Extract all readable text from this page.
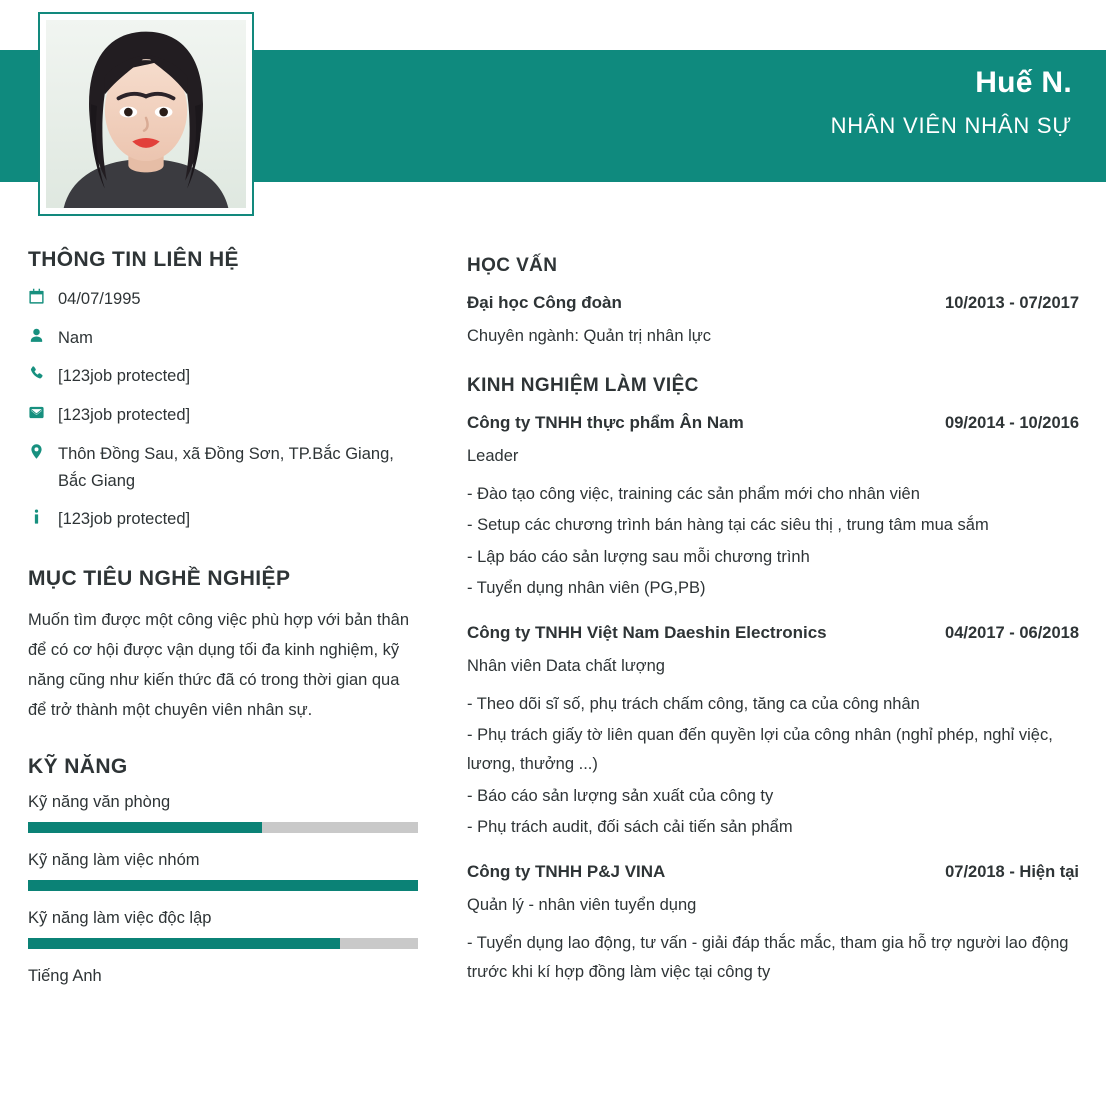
Huế N.
NHÂN VIÊN NHÂN SỰ
THÔNG TIN LIÊN HỆ
04/07/1995
Nam
[123job protected]
[123job protected]
Thôn Đồng Sau, xã Đồng Sơn, TP.Bắc Giang, Bắc Giang
[123job protected]
MỤC TIÊU NGHỀ NGHIỆP
Muốn tìm được một công việc phù hợp với bản thân để có cơ hội được vận dụng tối đa kinh nghiệm, kỹ năng cũng như kiến thức đã có trong thời gian qua để trở thành một chuyên viên nhân sự.
KỸ NĂNG
Kỹ năng văn phòng
Kỹ năng làm việc nhóm
Kỹ năng làm việc độc lập
Tiếng Anh
HỌC VẤN
Đại học Công đoàn	10/2013 - 07/2017
Chuyên ngành: Quản trị nhân lực
KINH NGHIỆM LÀM VIỆC
Công ty TNHH thực phẩm Ân Nam	09/2014 - 10/2016
Leader
- Đào tạo công việc, training các sản phẩm mới cho nhân viên
- Setup các chương trình bán hàng tại các siêu thị , trung tâm mua sắm
- Lập báo cáo sản lượng sau mỗi chương trình
- Tuyển dụng nhân viên (PG,PB)
Công ty TNHH Việt Nam Daeshin Electronics	04/2017 - 06/2018
Nhân viên Data chất lượng
- Theo dõi sĩ số, phụ trách chấm công, tăng ca của công nhân
- Phụ trách giấy tờ liên quan đến quyền lợi của công nhân (nghỉ phép, nghỉ việc, lương, thưởng ...)
- Báo cáo sản lượng sản xuất của công ty
- Phụ trách audit, đối sách cải tiến sản phẩm
Công ty TNHH P&J VINA	07/2018 - Hiện tại
Quản lý - nhân viên tuyển dụng
- Tuyển dụng lao động, tư vấn - giải đáp thắc mắc, tham gia hỗ trợ người lao động trước khi kí hợp đồng làm việc tại công ty
